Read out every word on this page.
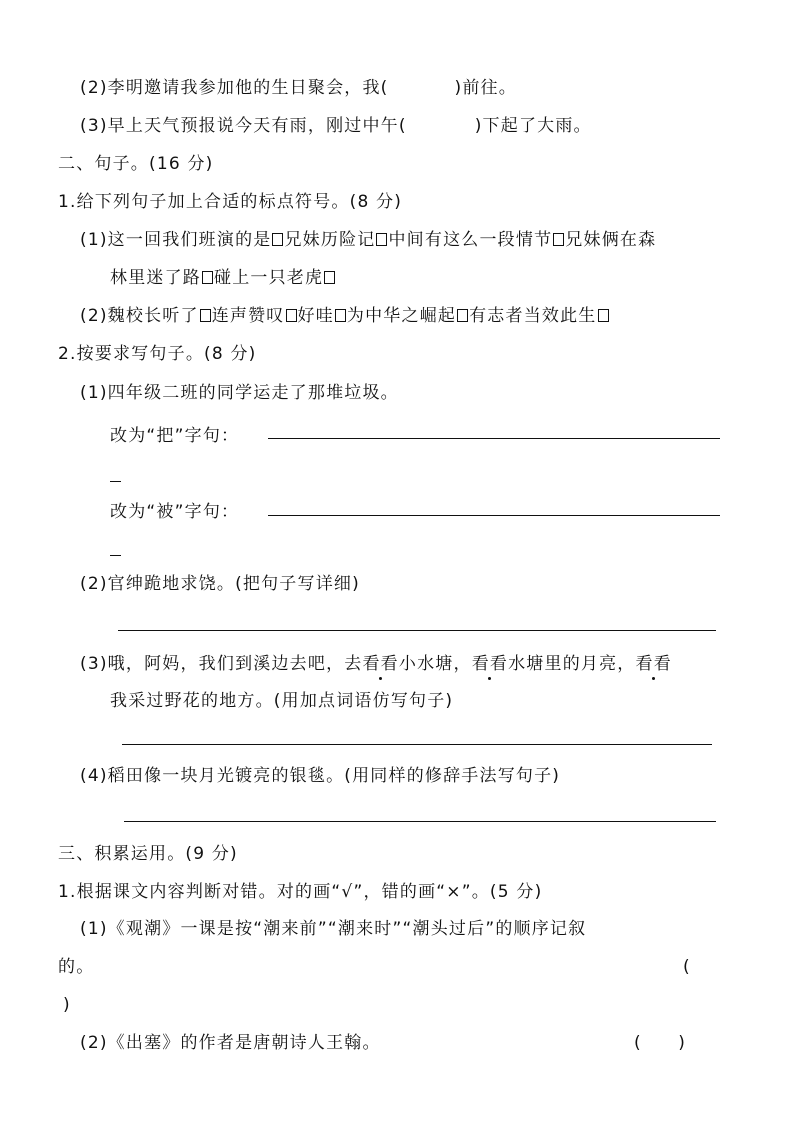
(2)李明邀请我参加他的生日聚会，我(	)前往。
(3)早上天气预报说今天有雨，刚过中午(	)下起了大雨。
二、句子。(16 分)
1.给下列句子加上合适的标点符号。(8 分)
(1)这一回我们班演的是 兄妹历险记 中间有这么一段情节 兄妹俩在森
林里迷了路 碰上一只老虎
(2)魏校长听了 连声赞叹 好哇 为中华之崛起 有志者当效此生
2.按要求写句子。(8 分)
(1)四年级二班的同学运走了那堆垃圾。
改为“把”字句：
改为“被”字句：
(2)官绅跪地求饶。(把句子写详细)
(3)哦，阿妈，我们到溪边去吧，去看看小水塘，看看水塘里的月亮，看看
我采过野花的地方。(用加点词语仿写句子)
(4)稻田像一块月光镀亮的银毯。(用同样的修辞手法写句子)
三、积累运用。(9 分)
1.根据课文内容判断对错。对的画“√”，错的画“×”。(5 分)
(1)《观潮》一课是按“潮来前”“潮来时”“潮头过后”的顺序记叙
的。	(
)
(2)《出塞》的作者是唐朝诗人王翰。	(　　)
